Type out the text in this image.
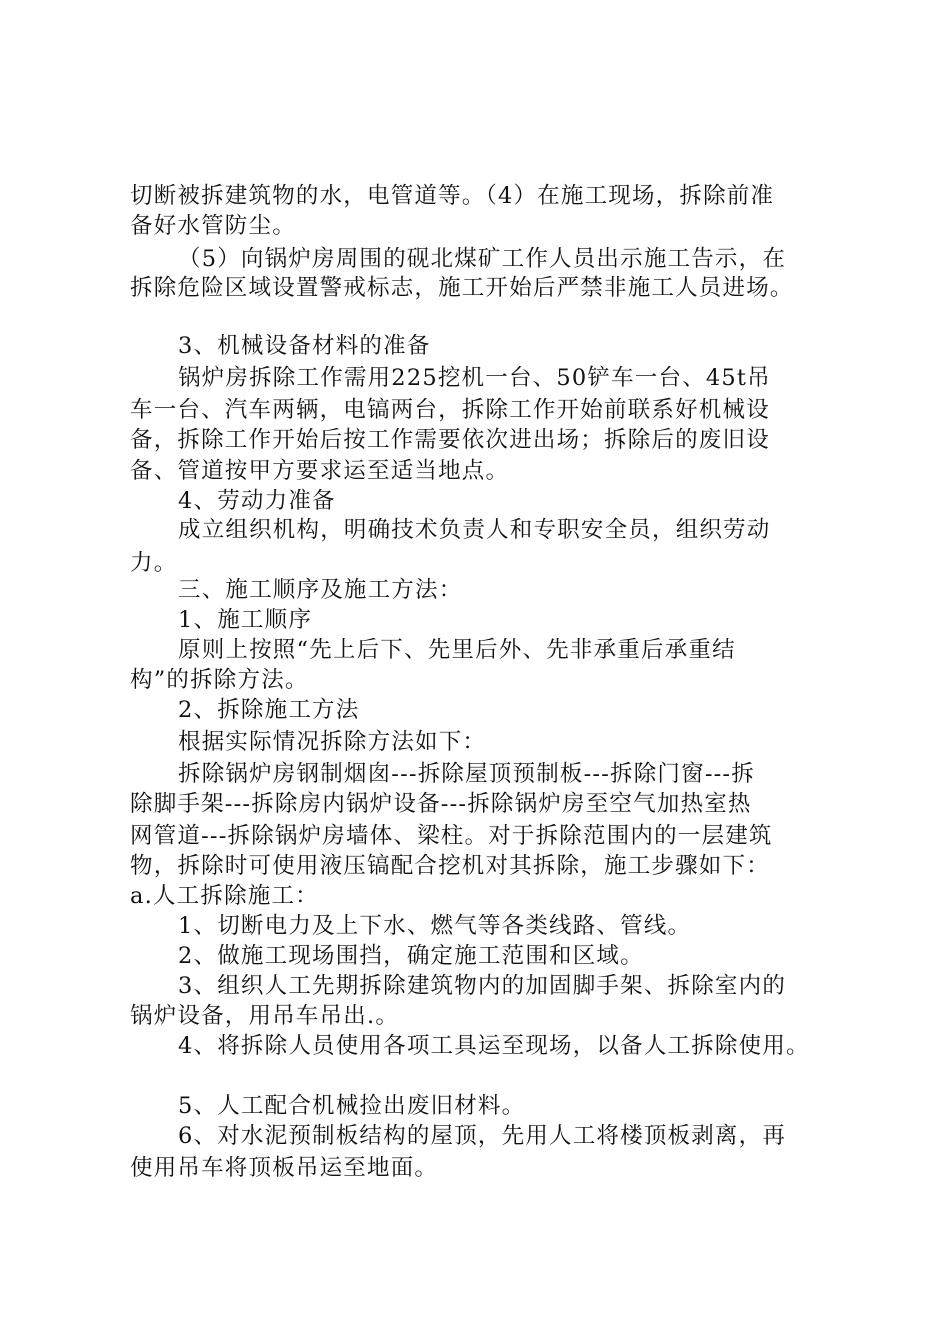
切断被拆建筑物的水，电管道等。（4）在施工现场，拆除前准
备好水管防尘。
（5）向锅炉房周围的砚北煤矿工作人员出示施工告示，在
拆除危险区域设置警戒标志，施工开始后严禁非施工人员进场。
3、机械设备材料的准备
锅炉房拆除工作需用225挖机一台、50铲车一台、45t吊
车一台、汽车两辆，电镐两台，拆除工作开始前联系好机械设
备，拆除工作开始后按工作需要依次进出场；拆除后的废旧设
备、管道按甲方要求运至适当地点。
4、劳动力准备
成立组织机构，明确技术负责人和专职安全员，组织劳动
力。
三、施工顺序及施工方法：
1、施工顺序
原则上按照“先上后下、先里后外、先非承重后承重结
构”的拆除方法。
2、拆除施工方法
根据实际情况拆除方法如下：
拆除锅炉房钢制烟囱---拆除屋顶预制板---拆除门窗---拆
除脚手架---拆除房内锅炉设备---拆除锅炉房至空气加热室热
网管道---拆除锅炉房墙体、梁柱。对于拆除范围内的一层建筑
物，拆除时可使用液压镐配合挖机对其拆除，施工步骤如下：
a.人工拆除施工：
1、切断电力及上下水、燃气等各类线路、管线。
2、做施工现场围挡，确定施工范围和区域。
3、组织人工先期拆除建筑物内的加固脚手架、拆除室内的
锅炉设备，用吊车吊出.。
4、将拆除人员使用各项工具运至现场，以备人工拆除使用。
5、人工配合机械捡出废旧材料。
6、对水泥预制板结构的屋顶，先用人工将楼顶板剥离，再
使用吊车将顶板吊运至地面。
